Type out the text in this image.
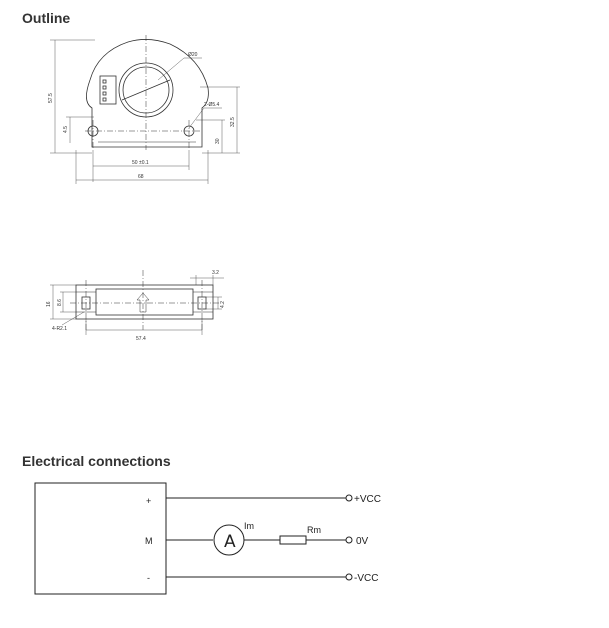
Outline
Electrical connections
Ø20
2-Ø5.4
57.5
4.5
32.5
30
50 ±0.1
68
3.2
16 8.6	4.2
57.4
4-R2.1
+
M
-
A
Im	Rm
+VCC
0V
-VCC
